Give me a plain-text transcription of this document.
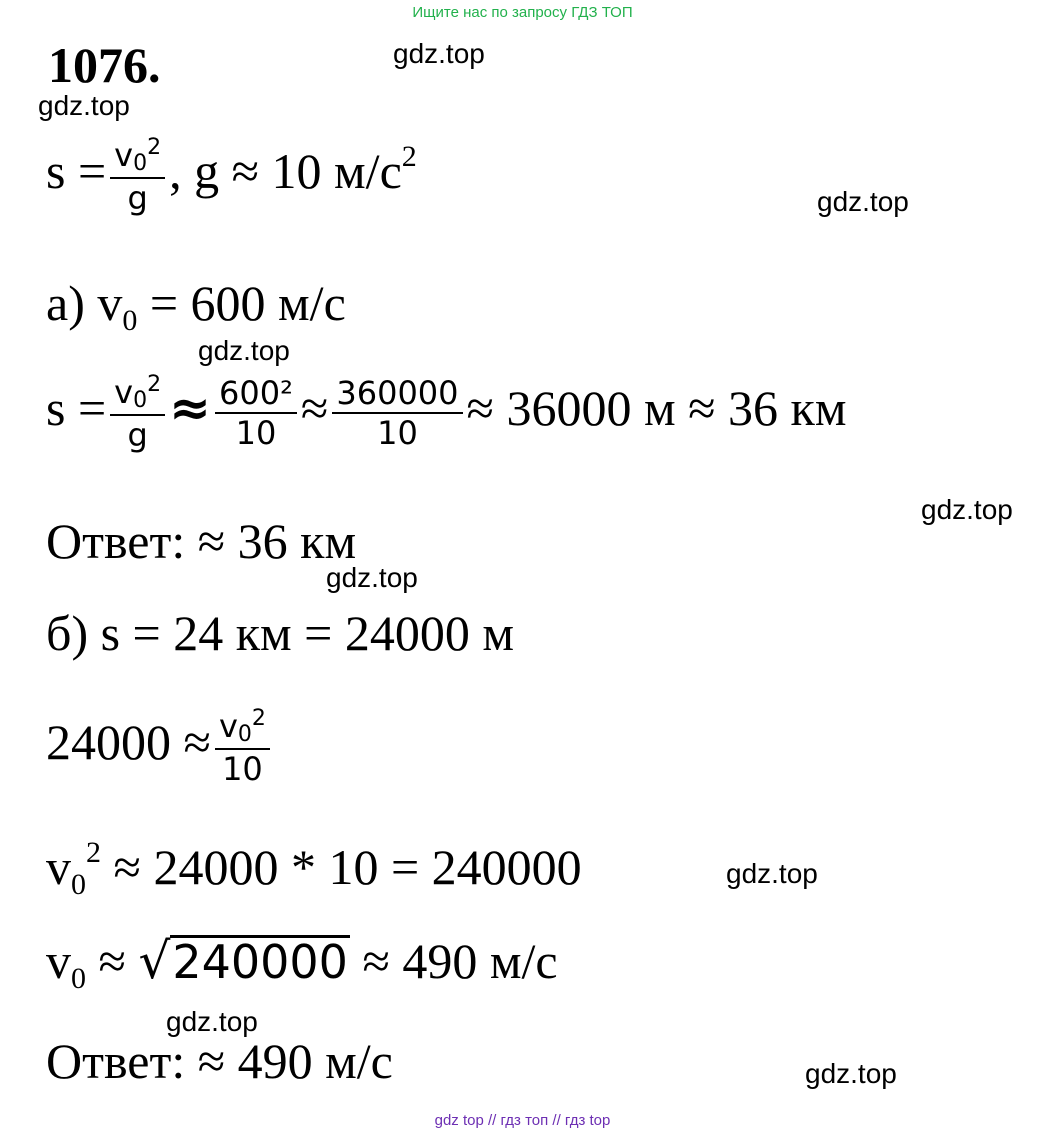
Ищите нас по запросу ГДЗ ТОП
1076.	gdz.top
gdz.top
gdz.top
gdz.top
gdz.top
gdz.top
gdz.top
gdz.top
gdz.top
$s = \frac{v0^2}{g}$ , g ≈ 10 $м/с^2$
а) $v_0 = 600$ м/с
$s = \frac{v0^2}{g} \approx \frac{\text{600²}}{10} \approx \frac{360000}{10} \approx 36000$ м ≈ 36 км
Ответ: ≈ 36 км
б) s = 24 км = 24000 м
$24000 \approx \frac{v0^2}{10}$
$v_0^2 \approx 24000 * 10 = 240000$
$v_0 \approx √240000 \approx 490$ м/с
Ответ: ≈ 490 м/с
gdz top // гдз топ // гдз top
